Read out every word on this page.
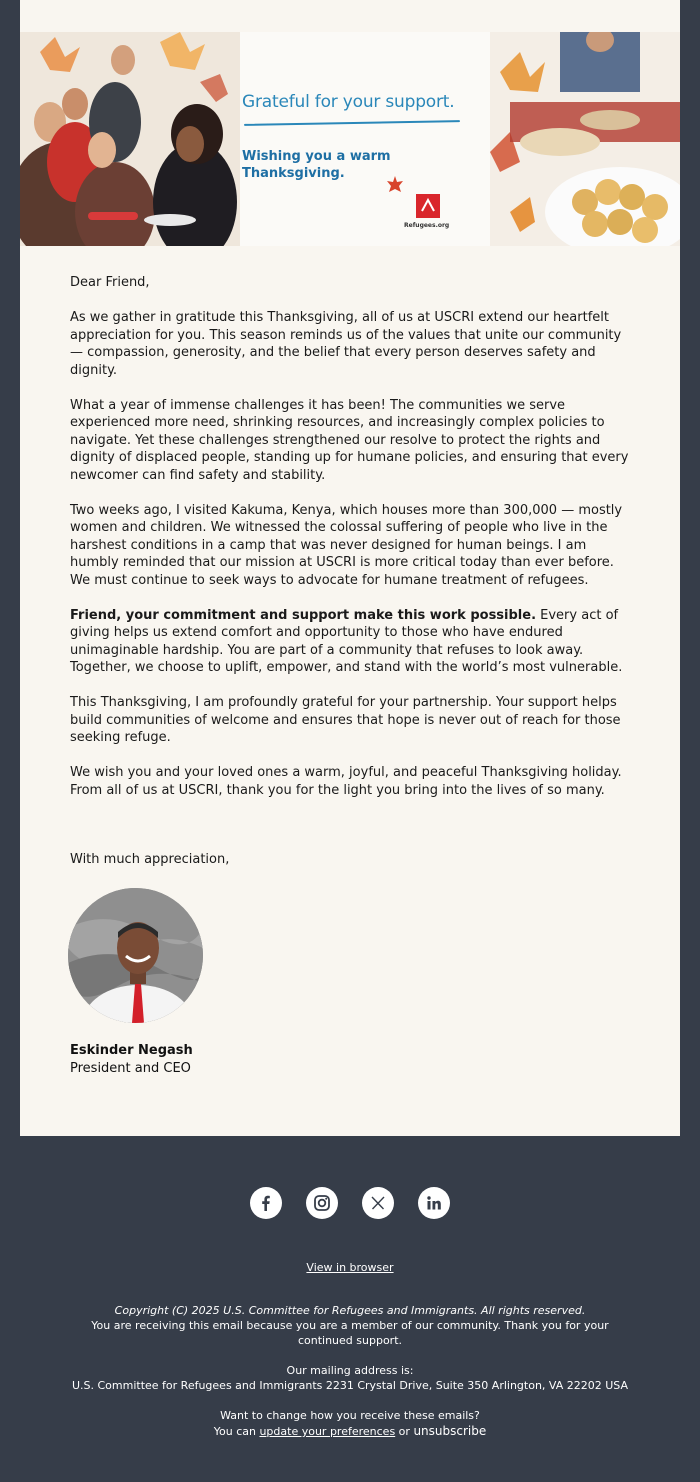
Grateful for your support.
Wishing you a warm
Thanksgiving.
Refugees.org

Dear Friend,

As we gather in gratitude this Thanksgiving, all of us at USCRI extend our heartfelt appreciation for you. This season reminds us of the values that unite our community — compassion, generosity, and the belief that every person deserves safety and dignity.

What a year of immense challenges it has been! The communities we serve experienced more need, shrinking resources, and increasingly complex policies to navigate. Yet these challenges strengthened our resolve to protect the rights and dignity of displaced people, standing up for humane policies, and ensuring that every newcomer can find safety and stability.

Two weeks ago, I visited Kakuma, Kenya, which houses more than 300,000 — mostly women and children. We witnessed the colossal suffering of people who live in the harshest conditions in a camp that was never designed for human beings. I am humbly reminded that our mission at USCRI is more critical today than ever before. We must continue to seek ways to advocate for humane treatment of refugees.

Friend, your commitment and support make this work possible. Every act of giving helps us extend comfort and opportunity to those who have endured unimaginable hardship. You are part of a community that refuses to look away. Together, we choose to uplift, empower, and stand with the world’s most vulnerable.

This Thanksgiving, I am profoundly grateful for your partnership. Your support helps build communities of welcome and ensures that hope is never out of reach for those seeking refuge.

We wish you and your loved ones a warm, joyful, and peaceful Thanksgiving holiday. From all of us at USCRI, thank you for the light you bring into the lives of so many.

With much appreciation,
Eskinder Negash
President and CEO
View in browser
Copyright (C) 2025 U.S. Committee for Refugees and Immigrants. All rights reserved.
You are receiving this email because you are a member of our community. Thank you for your continued support.
Our mailing address is:
U.S. Committee for Refugees and Immigrants 2231 Crystal Drive, Suite 350 Arlington, VA 22202 USA
Want to change how you receive these emails?
You can update your preferences or unsubscribe
